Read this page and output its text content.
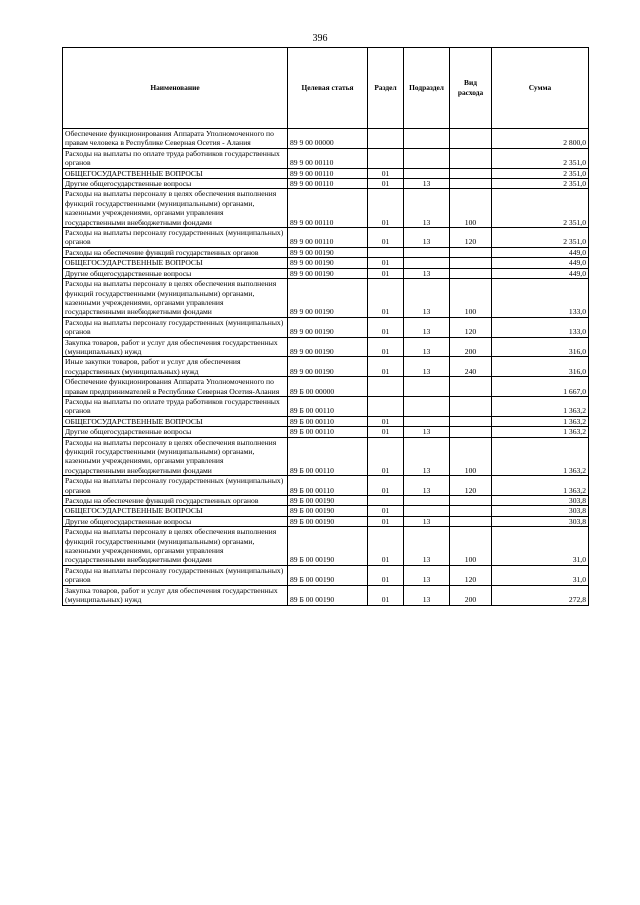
396
Наименование	Целевая статья	Раздел	Подраздел	Вид расхода	Сумма
Обеспечение функционирования Аппарата Уполномоченного по правам человека в Республике Северная Осетия - Алания	89 9 00 00000				2 800,0
Расходы на выплаты по оплате труда работников государственных органов	89 9 00 00110				2 351,0
ОБЩЕГОСУДАРСТВЕННЫЕ ВОПРОСЫ	89 9 00 00110	01			2 351,0
Другие общегосударственные вопросы	89 9 00 00110	01	13		2 351,0
Расходы на выплаты персоналу в целях обеспечения выполнения функций государственными (муниципальными) органами, казенными учреждениями, органами управления государственными внебюджетными фондами	89 9 00 00110	01	13	100	2 351,0
Расходы на выплаты персоналу государственных (муниципальных) органов	89 9 00 00110	01	13	120	2 351,0
Расходы на обеспечение функций государственных органов	89 9 00 00190				449,0
ОБЩЕГОСУДАРСТВЕННЫЕ ВОПРОСЫ	89 9 00 00190	01			449,0
Другие общегосударственные вопросы	89 9 00 00190	01	13		449,0
Расходы на выплаты персоналу в целях обеспечения выполнения функций государственными (муниципальными) органами, казенными учреждениями, органами управления государственными внебюджетными фондами	89 9 00 00190	01	13	100	133,0
Расходы на выплаты персоналу государственных (муниципальных) органов	89 9 00 00190	01	13	120	133,0
Закупка товаров, работ и услуг для обеспечения государственных (муниципальных) нужд	89 9 00 00190	01	13	200	316,0
Иные закупки товаров, работ и услуг для обеспечения государственных (муниципальных) нужд	89 9 00 00190	01	13	240	316,0
Обеспечение функционирования Аппарата Уполномоченного по правам предпринимателей в Республике Северная Осетия-Алания	89 Б 00 00000				1 667,0
Расходы на выплаты по оплате труда работников государственных органов	89 Б 00 00110				1 363,2
ОБЩЕГОСУДАРСТВЕННЫЕ ВОПРОСЫ	89 Б 00 00110	01			1 363,2
Другие общегосударственные вопросы	89 Б 00 00110	01	13		1 363,2
Расходы на выплаты персоналу в целях обеспечения выполнения функций государственными (муниципальными) органами, казенными учреждениями, органами управления государственными внебюджетными фондами	89 Б 00 00110	01	13	100	1 363,2
Расходы на выплаты персоналу государственных (муниципальных) органов	89 Б 00 00110	01	13	120	1 363,2
Расходы на обеспечение функций государственных органов	89 Б 00 00190				303,8
ОБЩЕГОСУДАРСТВЕННЫЕ ВОПРОСЫ	89 Б 00 00190	01			303,8
Другие общегосударственные вопросы	89 Б 00 00190	01	13		303,8
Расходы на выплаты персоналу в целях обеспечения выполнения функций государственными (муниципальными) органами, казенными учреждениями, органами управления государственными внебюджетными фондами	89 Б 00 00190	01	13	100	31,0
Расходы на выплаты персоналу государственных (муниципальных) органов	89 Б 00 00190	01	13	120	31,0
Закупка товаров, работ и услуг для обеспечения государственных (муниципальных) нужд	89 Б 00 00190	01	13	200	272,8
